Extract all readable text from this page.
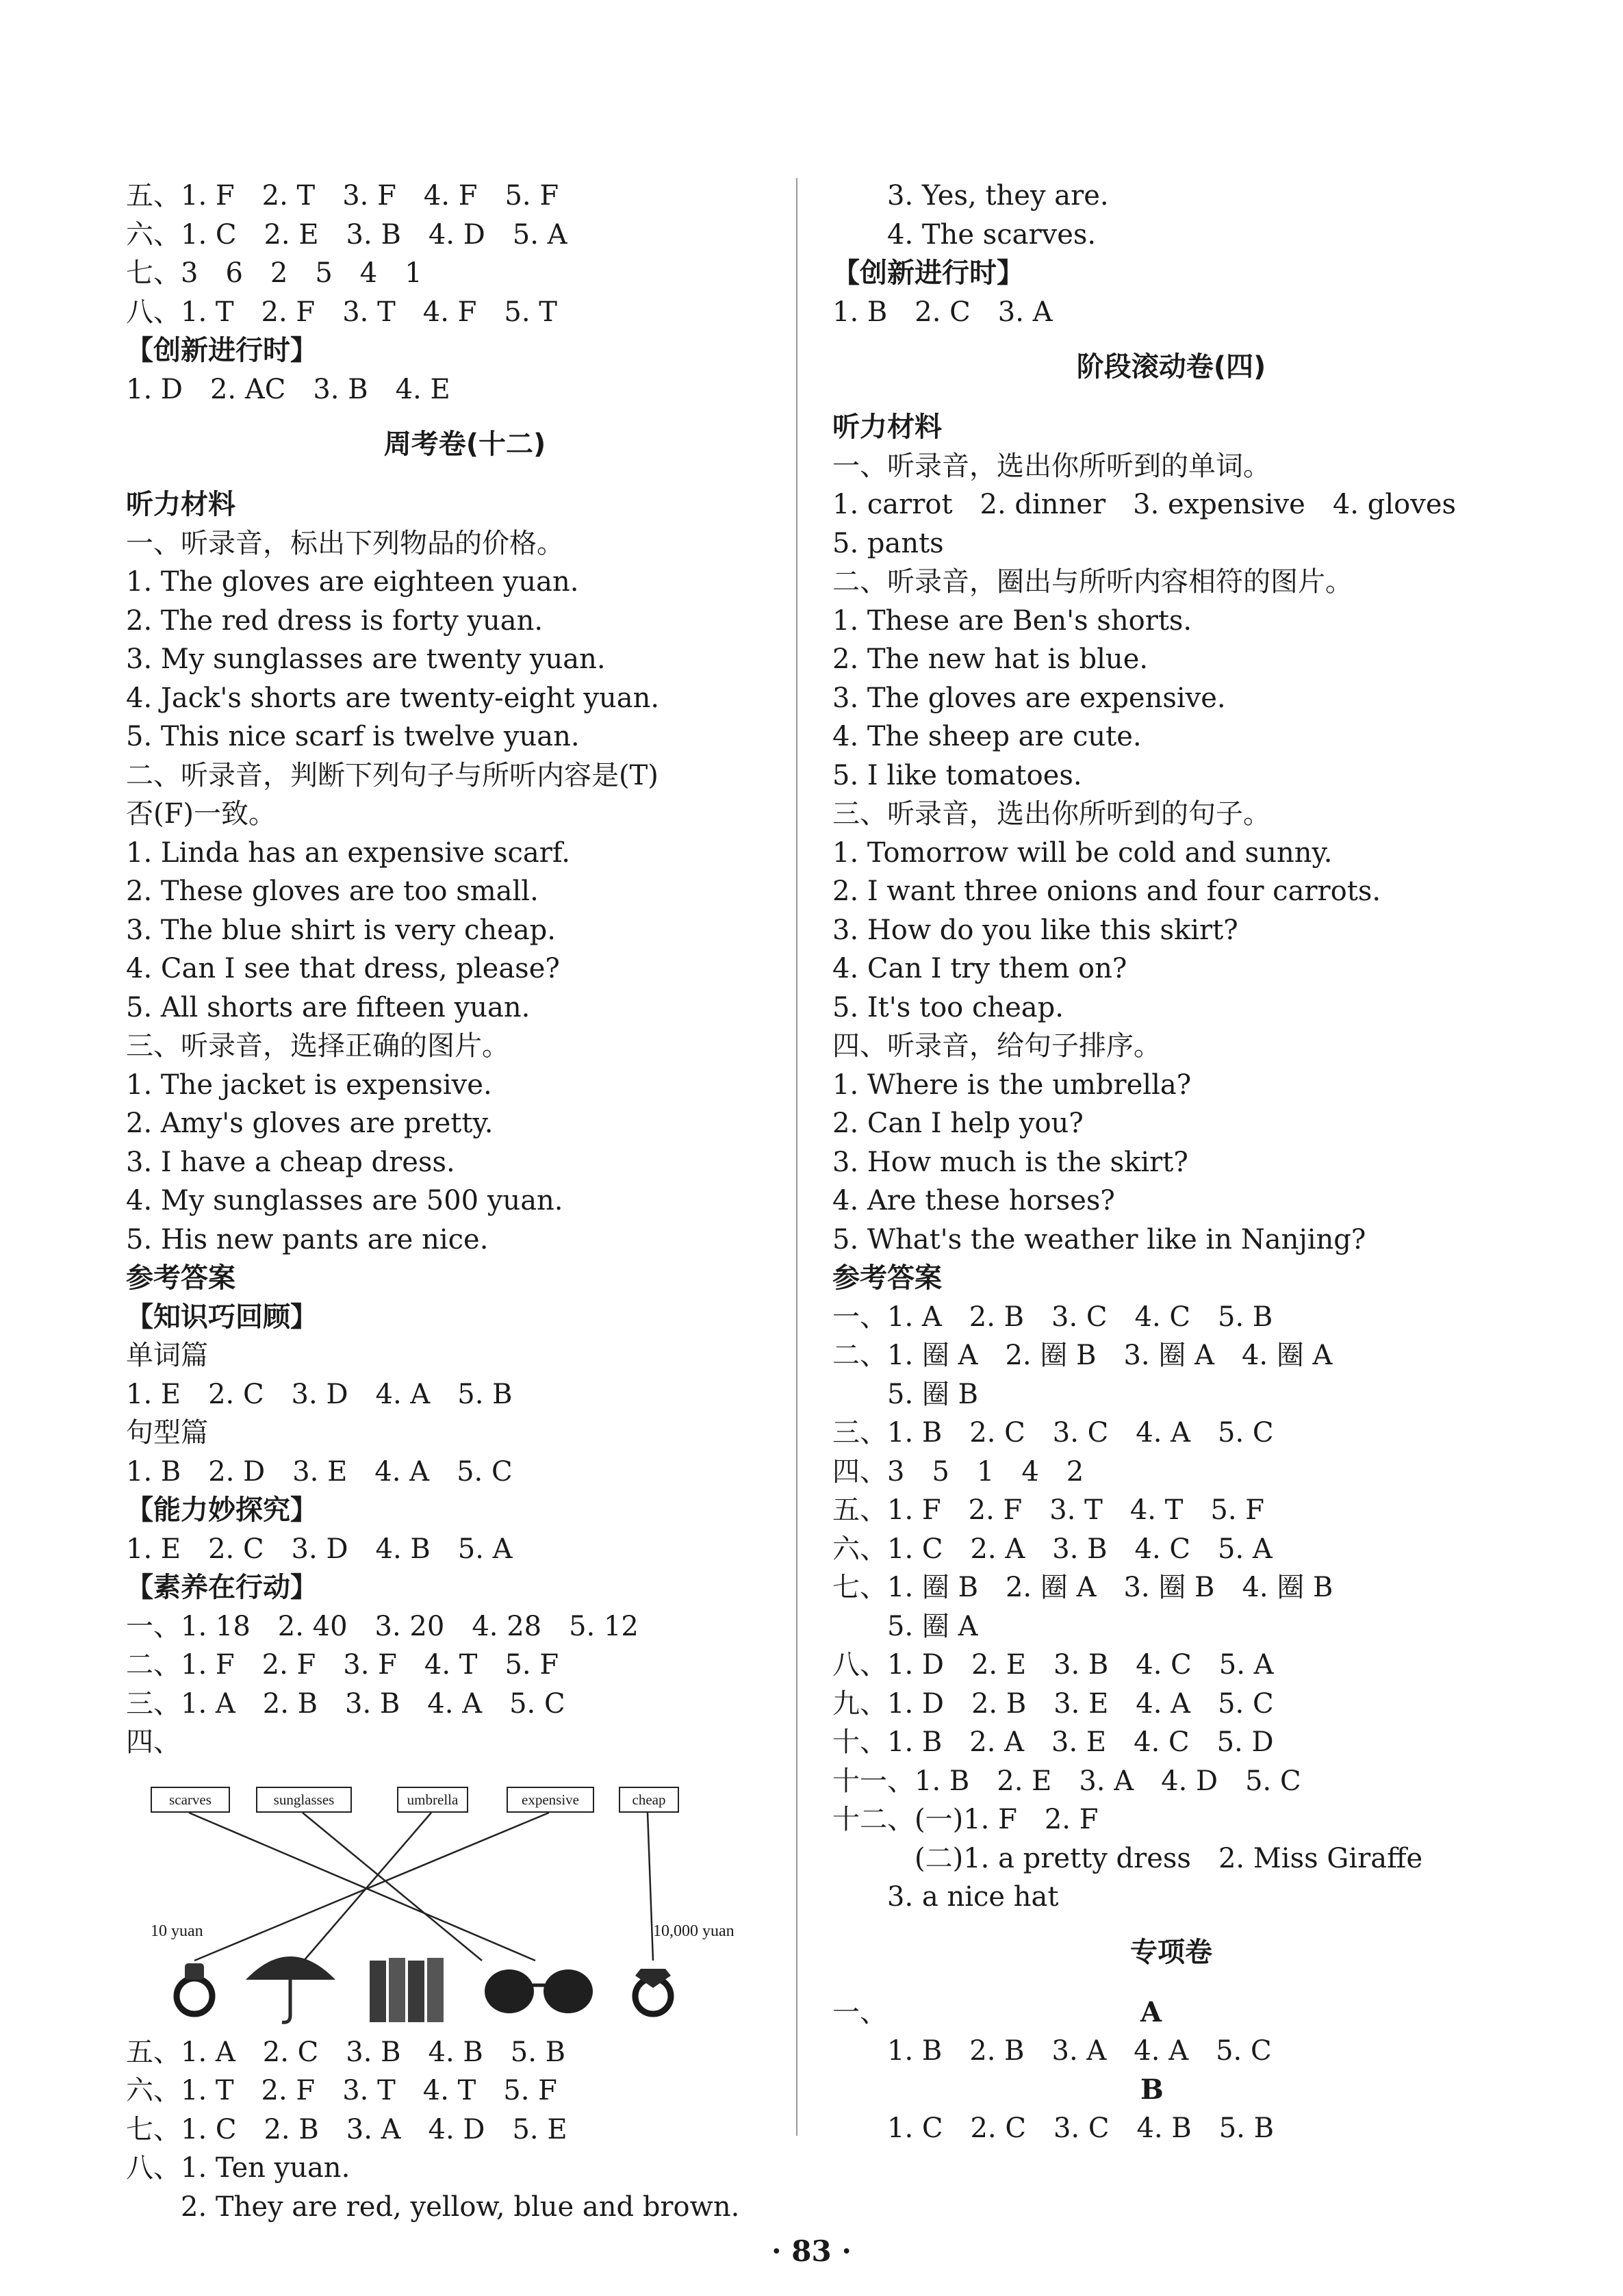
五、1. F　2. T　3. F　4. F　5. F
六、1. C　2. E　3. B　4. D　5. A
七、3　6　2　5　4　1
八、1. T　2. F　3. T　4. F　5. T
【创新进行时】
1. D　2. AC　3. B　4. E
周考卷(十二)
听力材料
一、听录音，标出下列物品的价格。
1. The gloves are eighteen yuan.
2. The red dress is forty yuan.
3. My sunglasses are twenty yuan.
4. Jack's shorts are twenty-eight yuan.
5. This nice scarf is twelve yuan.
二、听录音，判断下列句子与所听内容是(T)
否(F)一致。
1. Linda has an expensive scarf.
2. These gloves are too small.
3. The blue shirt is very cheap.
4. Can I see that dress, please?
5. All shorts are fifteen yuan.
三、听录音，选择正确的图片。
1. The jacket is expensive.
2. Amy's gloves are pretty.
3. I have a cheap dress.
4. My sunglasses are 500 yuan.
5. His new pants are nice.
参考答案
【知识巧回顾】
单词篇
1. E　2. C　3. D　4. A　5. B
句型篇
1. B　2. D　3. E　4. A　5. C
【能力妙探究】
1. E　2. C　3. D　4. B　5. A
【素养在行动】
一、1. 18　2. 40　3. 20　4. 28　5. 12
二、1. F　2. F　3. F　4. T　5. F
三、1. A　2. B　3. B　4. A　5. C
四、
scarves	sunglasses	umbrella	expensive	cheap
10 yuan	10,000 yuan
五、1. A　2. C　3. B　4. B　5. B
六、1. T　2. F　3. T　4. T　5. F
七、1. C　2. B　3. A　4. D　5. E
八、1. Ten yuan.
2. They are red, yellow, blue and brown.
3. Yes, they are.
4. The scarves.
【创新进行时】
1. B　2. C　3. A
阶段滚动卷(四)
听力材料
一、听录音，选出你所听到的单词。
1. carrot　2. dinner　3. expensive　4. gloves
5. pants
二、听录音，圈出与所听内容相符的图片。
1. These are Ben's shorts.
2. The new hat is blue.
3. The gloves are expensive.
4. The sheep are cute.
5. I like tomatoes.
三、听录音，选出你所听到的句子。
1. Tomorrow will be cold and sunny.
2. I want three onions and four carrots.
3. How do you like this skirt?
4. Can I try them on?
5. It's too cheap.
四、听录音，给句子排序。
1. Where is the umbrella?
2. Can I help you?
3. How much is the skirt?
4. Are these horses?
5. What's the weather like in Nanjing?
参考答案
一、1. A　2. B　3. C　4. C　5. B
二、1. 圈 A　2. 圈 B　3. 圈 A　4. 圈 A
5. 圈 B
三、1. B　2. C　3. C　4. A　5. C
四、3　5　1　4　2
五、1. F　2. F　3. T　4. T　5. F
六、1. C　2. A　3. B　4. C　5. A
七、1. 圈 B　2. 圈 A　3. 圈 B　4. 圈 B
5. 圈 A
八、1. D　2. E　3. B　4. C　5. A
九、1. D　2. B　3. E　4. A　5. C
十、1. B　2. A　3. E　4. C　5. D
十一、1. B　2. E　3. A　4. D　5. C
十二、(一)1. F　2. F
(二)1. a pretty dress　2. Miss Giraffe
3. a nice hat
专项卷
一、	A
1. B　2. B　3. A　4. A　5. C
B
1. C　2. C　3. C　4. B　5. B
· 83 ·
